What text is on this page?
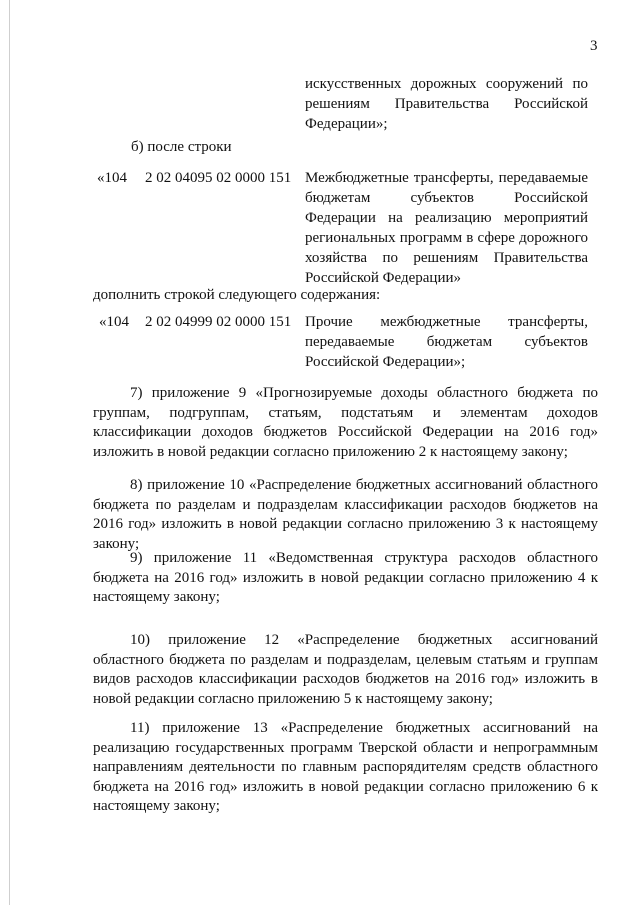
3
искусственных дорожных сооружений по решениям Правительства Российской Федерации»;
б) после строки
«104 2 02 04095 02 0000 151 Межбюджетные трансферты, передаваемые бюджетам субъектов Российской Федерации на реализацию мероприятий региональных программ в сфере дорожного хозяйства по решениям Правительства Российской Федерации»
дополнить строкой следующего содержания:
«104 2 02 04999 02 0000 151 Прочие межбюджетные трансферты, передаваемые бюджетам субъектов Российской Федерации»;
7) приложение 9 «Прогнозируемые доходы областного бюджета по группам, подгруппам, статьям, подстатьям и элементам доходов классификации доходов бюджетов Российской Федерации на 2016 год» изложить в новой редакции согласно приложению 2 к настоящему закону;
8) приложение 10 «Распределение бюджетных ассигнований областного бюджета по разделам и подразделам классификации расходов бюджетов на 2016 год» изложить в новой редакции согласно приложению 3 к настоящему закону;
9) приложение 11 «Ведомственная структура расходов областного бюджета на 2016 год» изложить в новой редакции согласно приложению 4 к настоящему закону;
10) приложение 12 «Распределение бюджетных ассигнований областного бюджета по разделам и подразделам, целевым статьям и группам видов расходов классификации расходов бюджетов на 2016 год» изложить в новой редакции согласно приложению 5 к настоящему закону;
11) приложение 13 «Распределение бюджетных ассигнований на реализацию государственных программ Тверской области и непрограммным направлениям деятельности по главным распорядителям средств областного бюджета на 2016 год» изложить в новой редакции согласно приложению 6 к настоящему закону;
